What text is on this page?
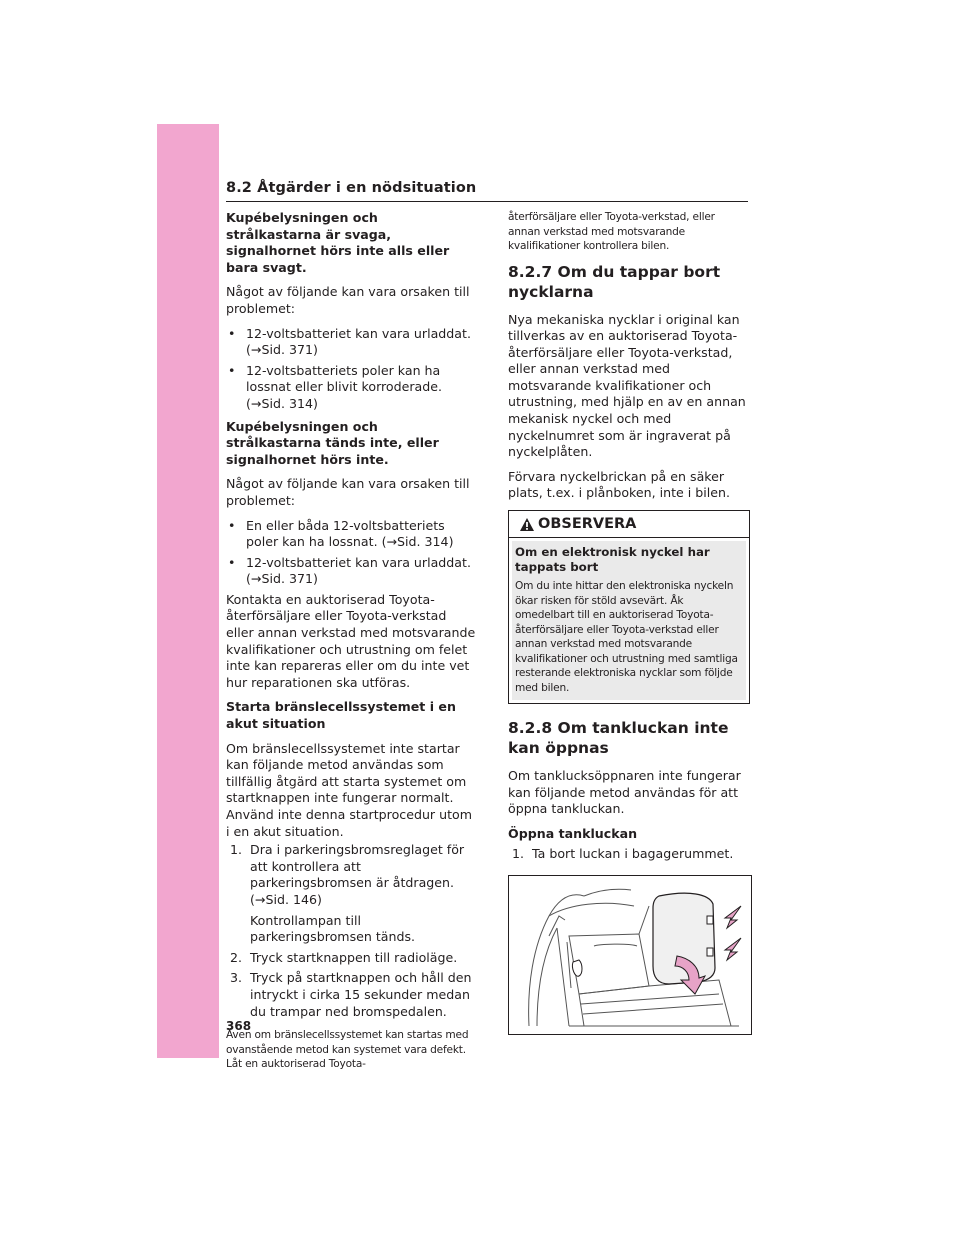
8.2 Åtgärder i en nödsituation

Kupébelysningen och strålkastarna är svaga, signalhornet hörs inte alls eller bara svagt.

Något av följande kan vara orsaken till problemet:

• 12-voltsbatteriet kan vara urladdat. (→Sid. 371)

• 12-voltsbatteriets poler kan ha lossnat eller blivit korroderade. (→Sid. 314)

Kupébelysningen och strålkastarna tänds inte, eller signalhornet hörs inte.

Något av följande kan vara orsaken till problemet:

• En eller båda 12-voltsbatteriets poler kan ha lossnat. (→Sid. 314)

• 12-voltsbatteriet kan vara urladdat. (→Sid. 371)

Kontakta en auktoriserad Toyota-återförsäljare eller Toyota-verkstad eller annan verkstad med motsvarande kvalifikationer och utrustning om felet inte kan repareras eller om du inte vet hur reparationen ska utföras.

Starta bränslecellssystemet i en akut situation

Om bränslecellssystemet inte startar kan följande metod användas som tillfällig åtgärd att starta systemet om startknappen inte fungerar normalt. Använd inte denna startprocedur utom i en akut situation.

1. Dra i parkeringsbromsreglaget för att kontrollera att parkeringsbromsen är åtdragen. (→Sid. 146)

Kontrollampan till parkeringsbromsen tänds.

2. Tryck startknappen till radioläge.
3. Tryck på startknappen och håll den intryckt i cirka 15 sekunder medan du trampar ned bromspedalen.

Även om bränslecellssystemet kan startas med ovanstående metod kan systemet vara defekt. Låt en auktoriserad Toyota-

återförsäljare eller Toyota-verkstad, eller annan verkstad med motsvarande kvalifikationer kontrollera bilen.

8.2.7 Om du tappar bort nycklarna

Nya mekaniska nycklar i original kan tillverkas av en auktoriserad Toyota-återförsäljare eller Toyota-verkstad, eller annan verkstad med motsvarande kvalifikationer och utrustning, med hjälp en av en annan mekanisk nyckel och med nyckelnumret som är ingraverat på nyckelplåten.

Förvara nyckelbrickan på en säker plats, t.ex. i plånboken, inte i bilen.

OBSERVERA
Om en elektronisk nyckel har tappats bort
Om du inte hittar den elektroniska nyckeln ökar risken för stöld avsevärt. Åk omedelbart till en auktoriserad Toyota-återförsäljare eller Toyota-verkstad eller annan verkstad med motsvarande kvalifikationer och utrustning med samtliga resterande elektroniska nycklar som följde med bilen.
8.2.8 Om tankluckan inte kan öppnas

Om tanklucksöppnaren inte fungerar kan följande metod användas för att öppna tankluckan.

Öppna tankluckan

1. Ta bort luckan i bagagerummet.
368
